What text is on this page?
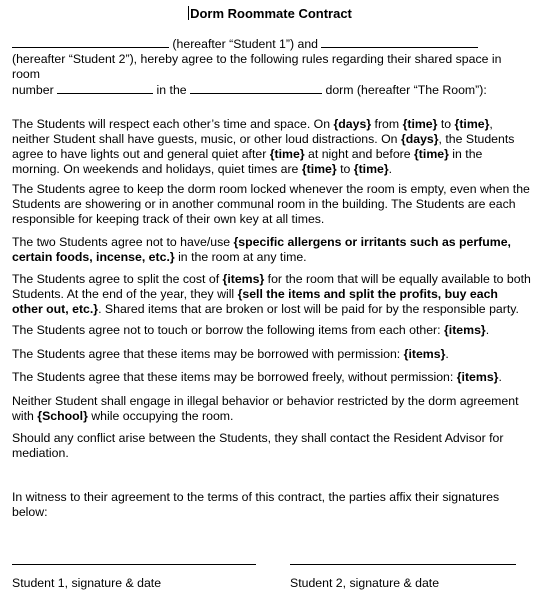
Dorm Roommate Contract

(hereafter “Student 1”) and

(hereafter “Student 2”), hereby agree to the following rules regarding their shared space in room

number	in the	dorm (hereafter “The Room”):

The Students will respect each other’s time and space. On {days} from {time} to {time}, neither Student shall have guests, music, or other loud distractions. On {days}, the Students agree to have lights out and general quiet after {time} at night and before {time} in the morning. On weekends and holidays, quiet times are {time} to {time}.

The Students agree to keep the dorm room locked whenever the room is empty, even when the Students are showering or in another communal room in the building. The Students are each responsible for keeping track of their own key at all times.

The two Students agree not to have/use {specific allergens or irritants such as perfume, certain foods, incense, etc.} in the room at any time.

The Students agree to split the cost of {items} for the room that will be equally available to both Students. At the end of the year, they will {sell the items and split the profits, buy each other out, etc.}. Shared items that are broken or lost will be paid for by the responsible party.

The Students agree not to touch or borrow the following items from each other: {items}.

The Students agree that these items may be borrowed with permission: {items}.

The Students agree that these items may be borrowed freely, without permission: {items}.

Neither Student shall engage in illegal behavior or behavior restricted by the dorm agreement with {School} while occupying the room.

Should any conflict arise between the Students, they shall contact the Resident Advisor for mediation.

In witness to their agreement to the terms of this contract, the parties affix their signatures below:

Student 1, signature & date	Student 2, signature & date
